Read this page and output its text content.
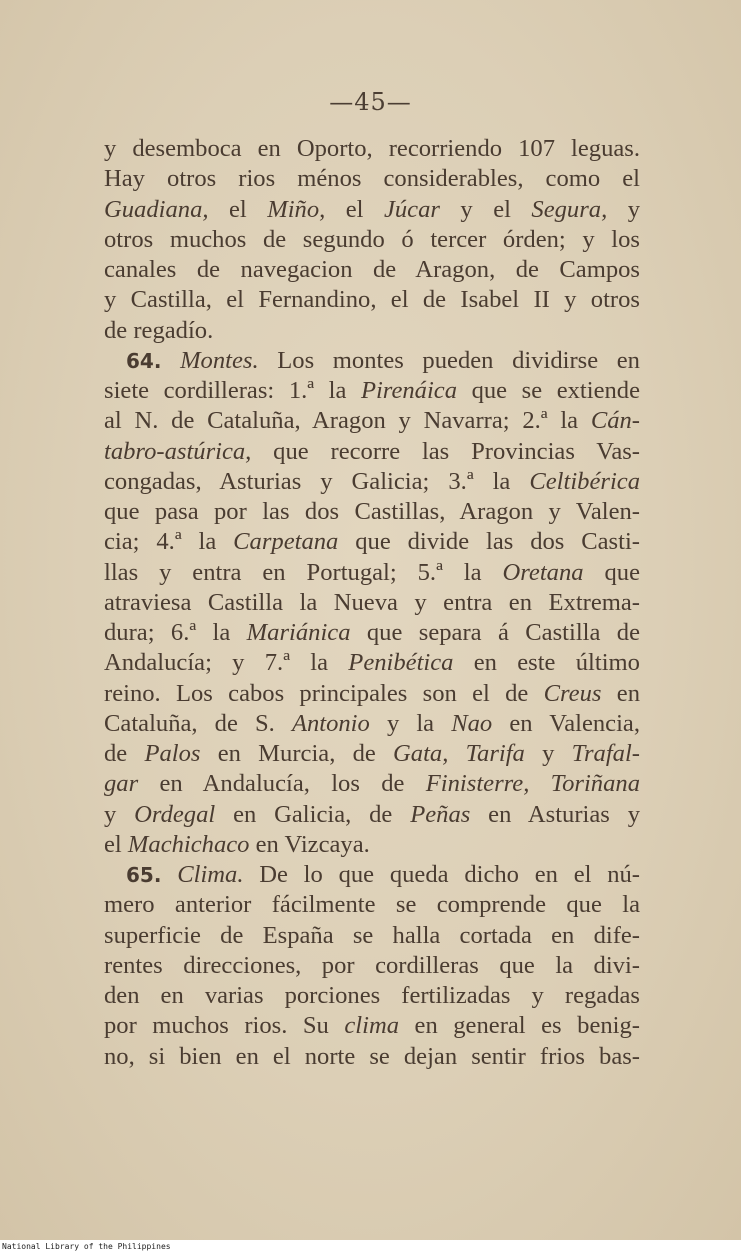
—45—
y desemboca en Oporto, recorriendo 107 leguas.
Hay otros rios ménos considerables, como el
Guadiana, el Miño, el Júcar y el Segura, y
otros muchos de segundo ó tercer órden; y los
canales de navegacion de Aragon, de Campos
y Castilla, el Fernandino, el de Isabel II y otros
de regadío.
64. Montes. Los montes pueden dividirse en
siete cordilleras: 1.ª la Pirenáica que se extiende
al N. de Cataluña, Aragon y Navarra; 2.ª la Cán-
tabro-astúrica, que recorre las Provincias Vas-
congadas, Asturias y Galicia; 3.ª la Celtibérica
que pasa por las dos Castillas, Aragon y Valen-
cia; 4.ª la Carpetana que divide las dos Casti-
llas y entra en Portugal; 5.ª la Oretana que
atraviesa Castilla la Nueva y entra en Extrema-
dura; 6.ª la Mariánica que separa á Castilla de
Andalucía; y 7.ª la Penibética en este último
reino. Los cabos principales son el de Creus en
Cataluña, de S. Antonio y la Nao en Valencia,
de Palos en Murcia, de Gata, Tarifa y Trafal-
gar en Andalucía, los de Finisterre, Toriñana
y Ordegal en Galicia, de Peñas en Asturias y
el Machichaco en Vizcaya.
65. Clima. De lo que queda dicho en el nú-
mero anterior fácilmente se comprende que la
superficie de España se halla cortada en dife-
rentes direcciones, por cordilleras que la divi-
den en varias porciones fertilizadas y regadas
por muchos rios. Su clima en general es benig-
no, si bien en el norte se dejan sentir frios bas-
National Library of the Philippines
